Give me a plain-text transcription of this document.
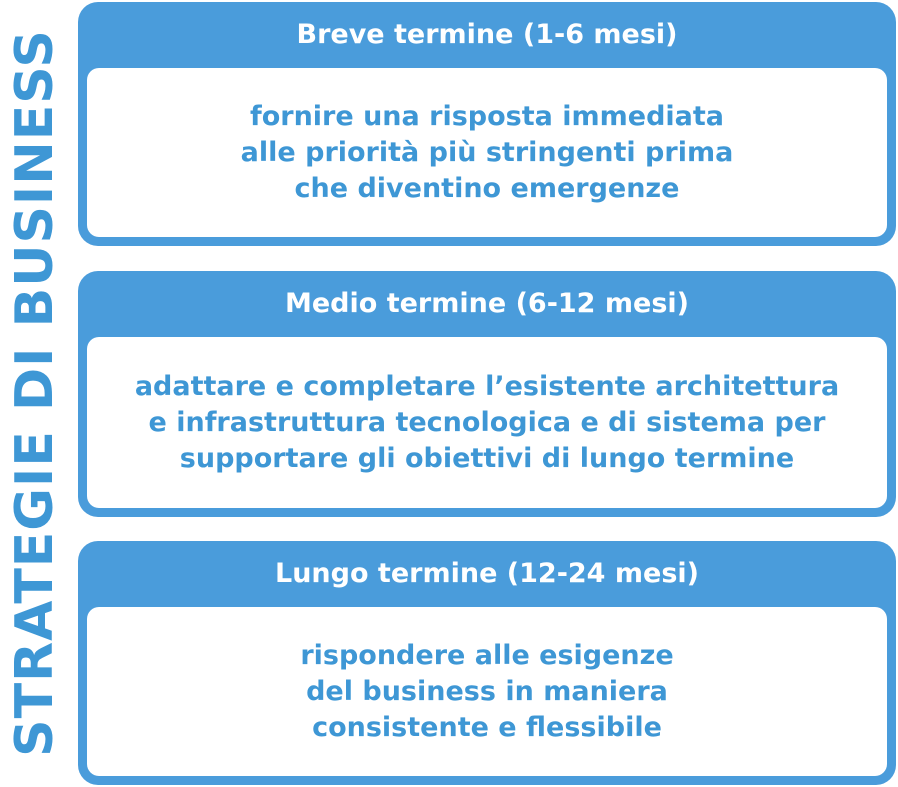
STRATEGIE DI BUSINESS	Breve termine (1-6 mesi)
fornire una risposta immediata
alle priorità più stringenti prima
che diventino emergenze
Medio termine (6-12 mesi)
adattare e completare l’esistente architettura
e infrastruttura tecnologica e di sistema per
supportare gli obiettivi di lungo termine
Lungo termine (12-24 mesi)
rispondere alle esigenze
del business in maniera
consistente e flessibile
